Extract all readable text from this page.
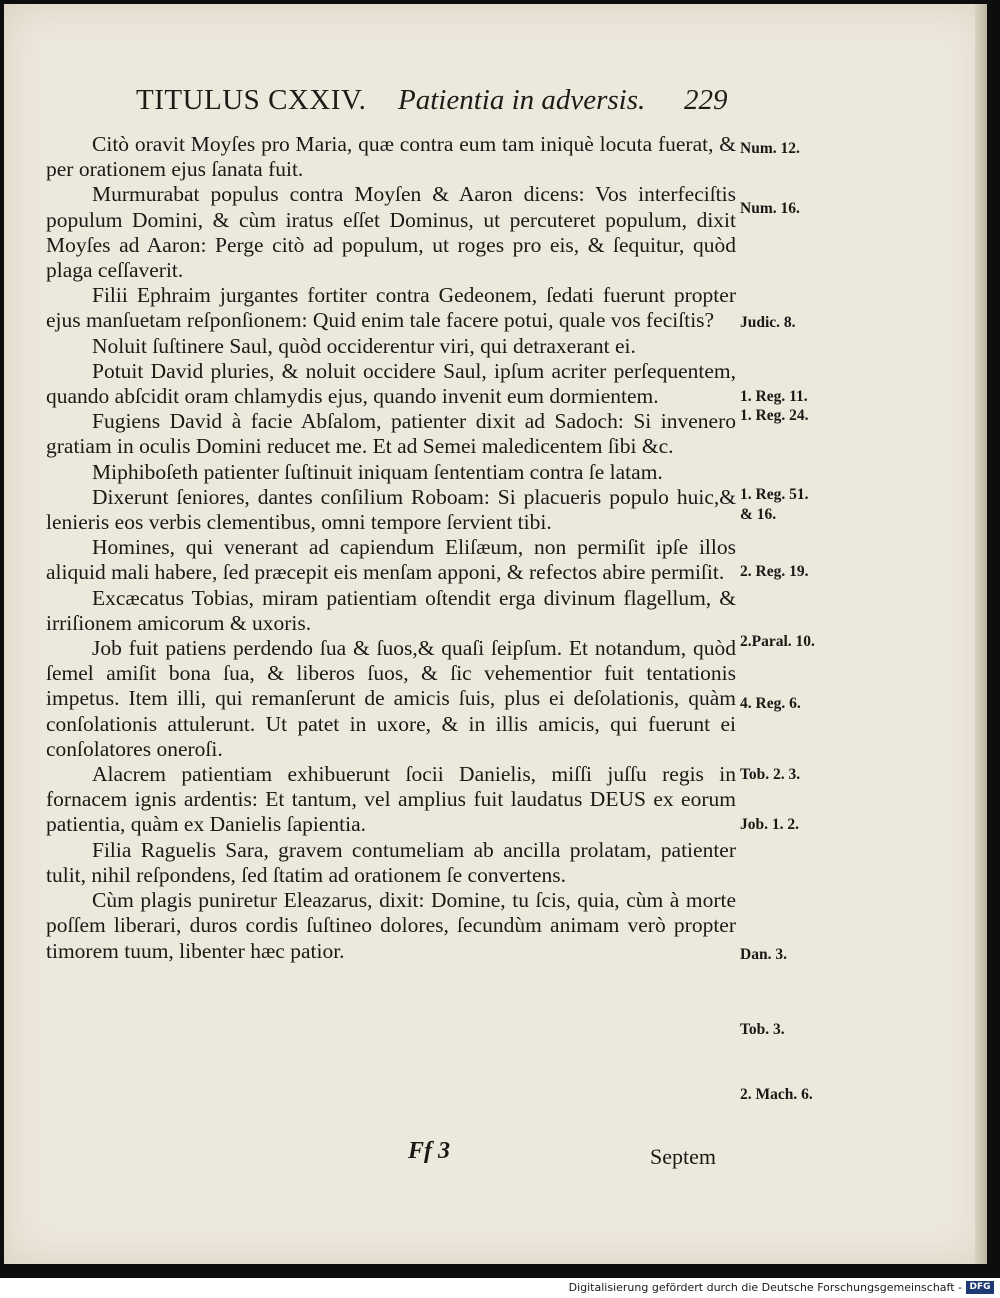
TITULUS CXXIV. Patientia in adversis. 229

Citò oravit Moyſes pro Maria, quæ contra eum tam iniquè locuta fuerat, & per orationem ejus ſanata fuit.

Murmurabat populus contra Moyſen & Aaron dicens: Vos interfeciſtis populum Domini, & cùm iratus eſſet Dominus, ut percuteret populum, dixit Moyſes ad Aaron: Perge citò ad populum, ut roges pro eis, & ſequitur, quòd plaga ceſſaverit.

Filii Ephraim jurgantes fortiter contra Gedeonem, ſedati fuerunt propter ejus manſuetam reſponſionem: Quid enim tale facere potui, quale vos feciſtis?

Noluit ſuſtinere Saul, quòd occiderentur viri, qui detraxerant ei.

Potuit David pluries, & noluit occidere Saul, ipſum acriter perſequentem, quando abſcidit oram chlamydis ejus, quando invenit eum dormientem.

Fugiens David à facie Abſalom, patienter dixit ad Sadoch: Si invenero gratiam in oculis Domini reducet me. Et ad Semei maledicentem ſibi &c.

Miphiboſeth patienter ſuſtinuit iniquam ſententiam contra ſe latam.

Dixerunt ſeniores, dantes conſilium Roboam: Si placueris populo huic,& lenieris eos verbis clementibus, omni tempore ſervient tibi.

Homines, qui venerant ad capiendum Eliſæum, non permiſit ipſe illos aliquid mali habere, ſed præcepit eis menſam apponi, & refectos abire permiſit.

Excæcatus Tobias, miram patientiam oſtendit erga divinum flagellum, & irriſionem amicorum & uxoris.

Job fuit patiens perdendo ſua & ſuos,& quaſi ſeipſum. Et notandum, quòd ſemel amiſit bona ſua, & liberos ſuos, & ſic vehementior fuit tentationis impetus. Item illi, qui remanſerunt de amicis ſuis, plus ei deſolationis, quàm conſolationis attulerunt. Ut patet in uxore, & in illis amicis, qui fuerunt ei conſolatores oneroſi.

Alacrem patientiam exhibuerunt ſocii Danielis, miſſi juſſu regis in fornacem ignis ardentis: Et tantum, vel amplius fuit laudatus DEUS ex eorum patientia, quàm ex Danielis ſapientia.

Filia Raguelis Sara, gravem contumeliam ab ancilla prolatam, patienter tulit, nihil reſpondens, ſed ſtatim ad orationem ſe convertens.

Cùm plagis puniretur Eleazarus, dixit: Domine, tu ſcis, quia, cùm à morte poſſem liberari, duros cordis ſuſtineo dolores, ſecundùm animam verò propter timorem tuum, libenter hæc patior.

Num. 12.
Num. 16.
Judic. 8.
1. Reg. 11.
1. Reg. 24.
1. Reg. 51.
& 16.
2. Reg. 19.
2.Paral. 10.
4. Reg. 6.
Tob. 2. 3.
Job. 1. 2.
Dan. 3.
Tob. 3.
2. Mach. 6.
Ff 3	Septem
Digitalisierung gefördert durch die Deutsche Forschungsgemeinschaft - DFG
